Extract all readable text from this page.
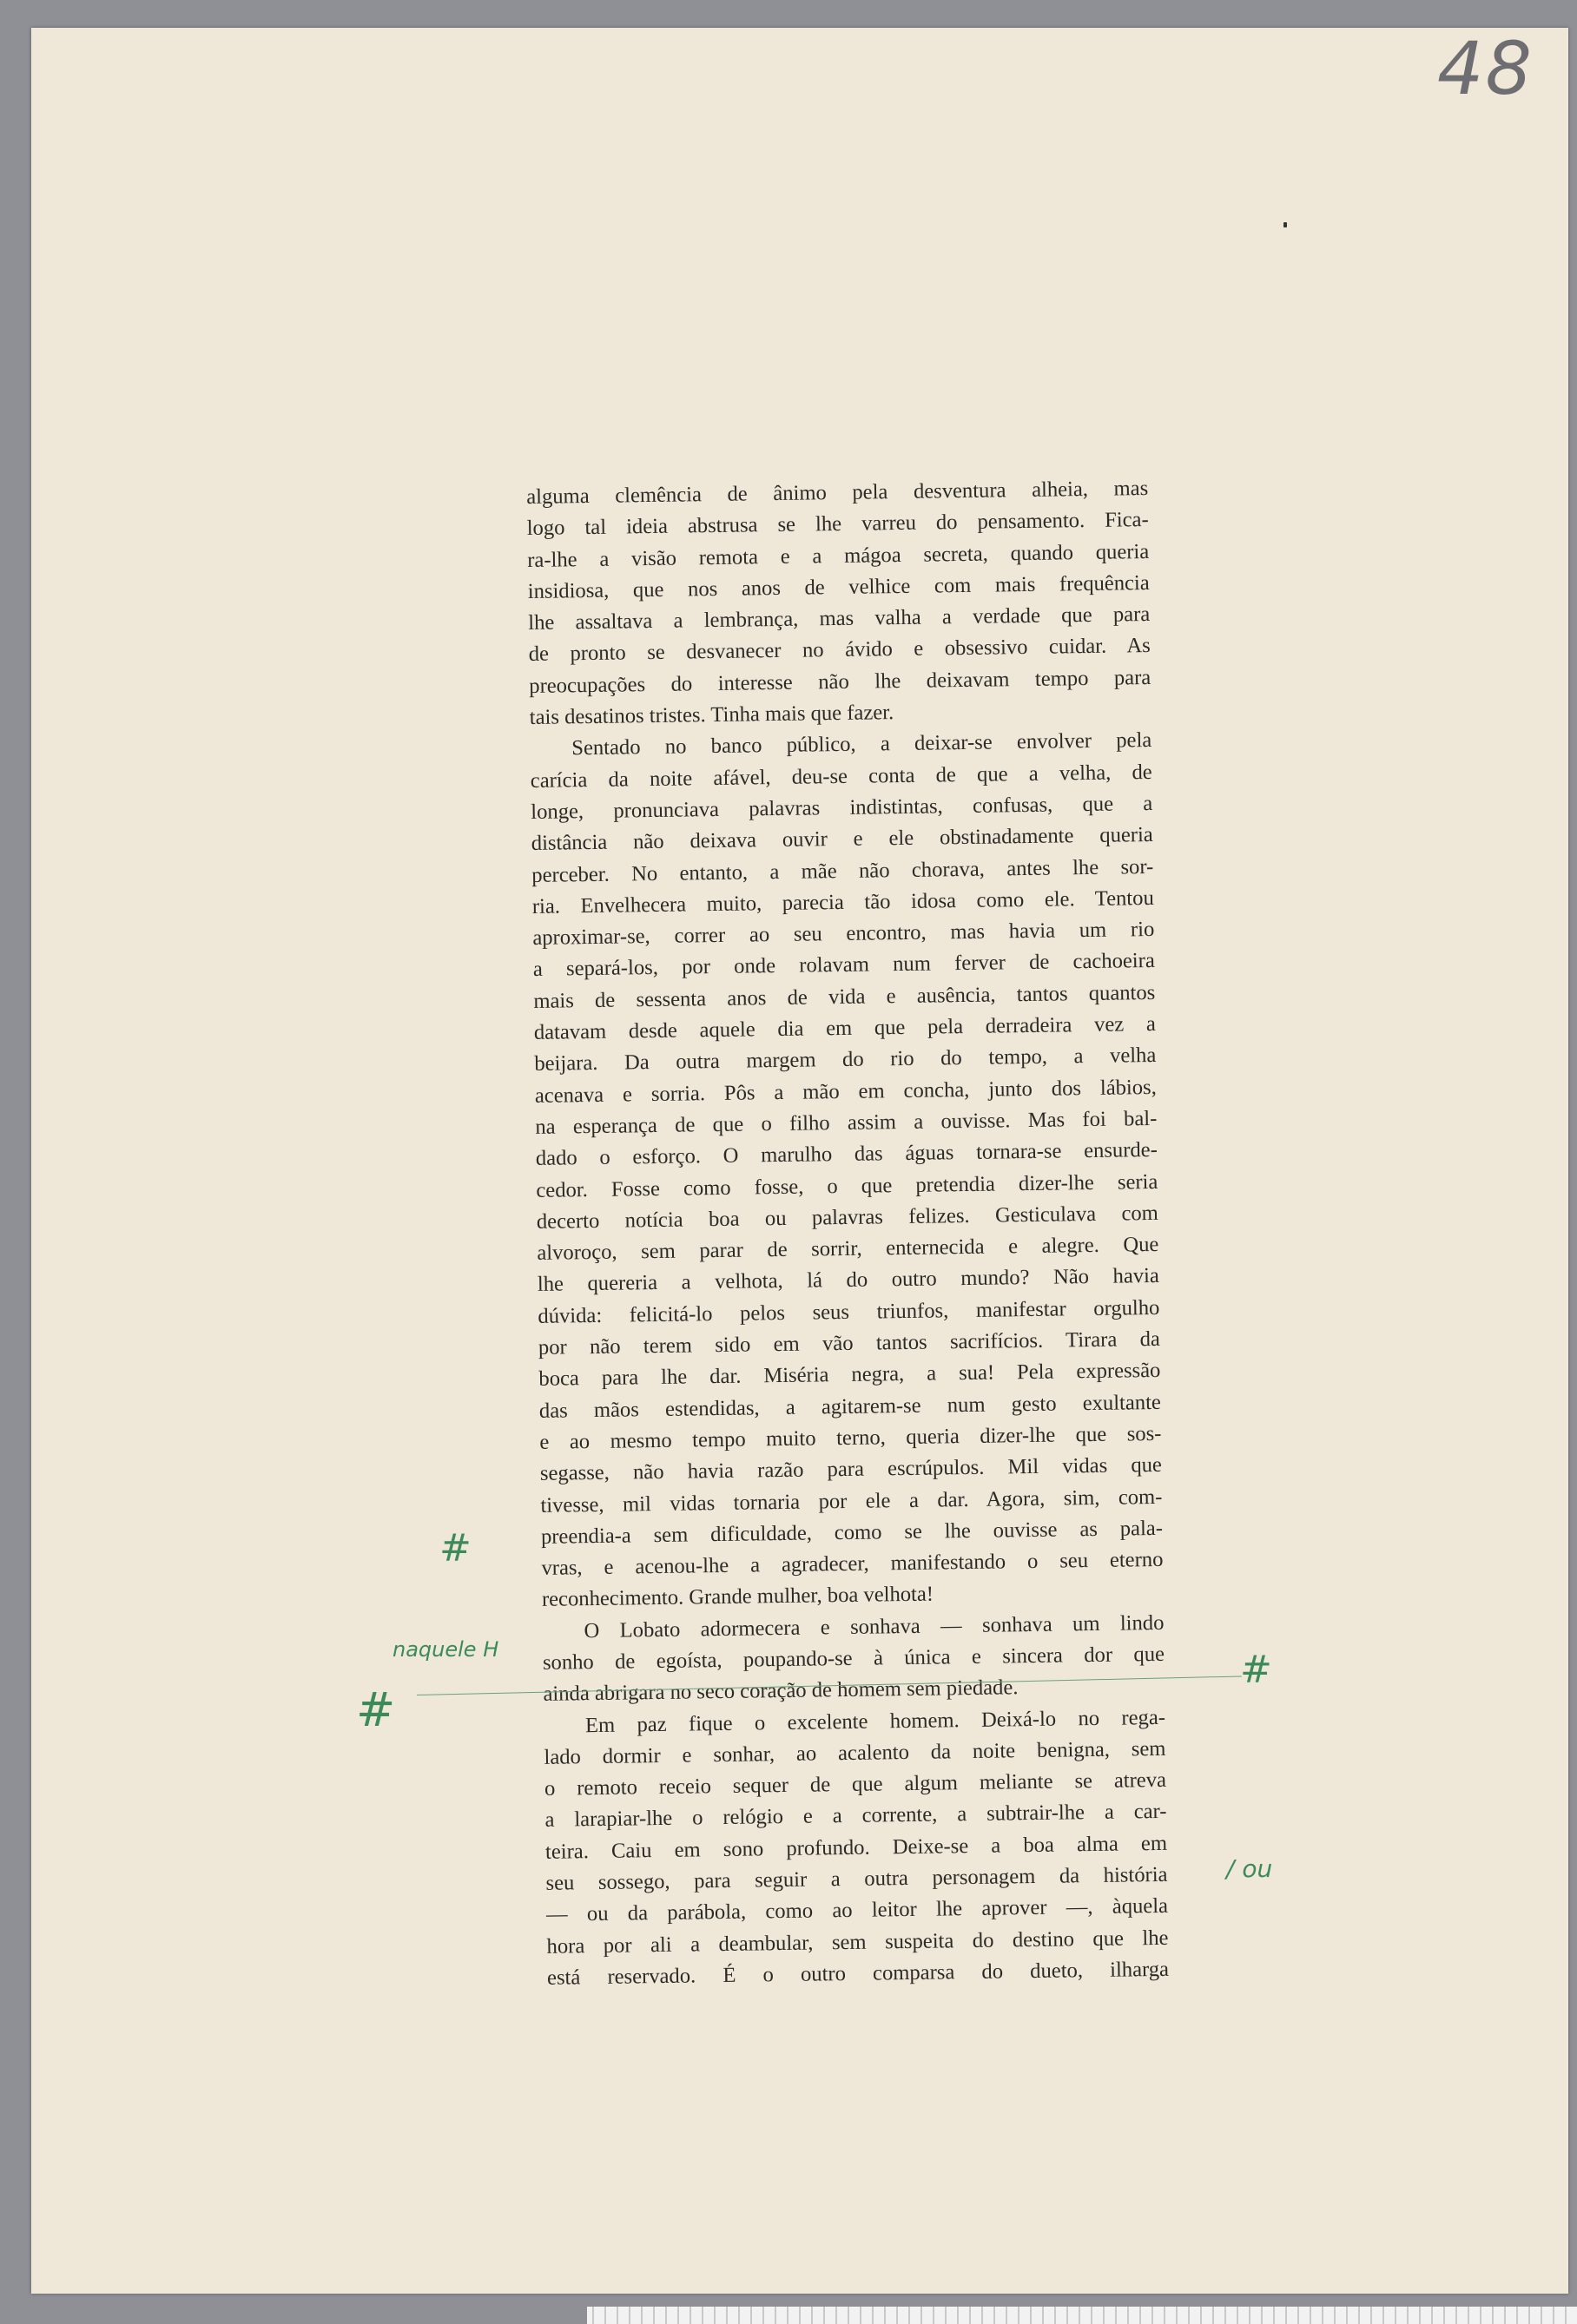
48
alguma clemência de ânimo pela desventura alheia, mas
logo tal ideia abstrusa se lhe varreu do pensamento. Fica-
ra-lhe a visão remota e a mágoa secreta, quando queria
insidiosa, que nos anos de velhice com mais frequência
lhe assaltava a lembrança, mas valha a verdade que para
de pronto se desvanecer no ávido e obsessivo cuidar. As
preocupações do interesse não lhe deixavam tempo para
tais desatinos tristes. Tinha mais que fazer.
Sentado no banco público, a deixar-se envolver pela
carícia da noite afável, deu-se conta de que a velha, de
longe, pronunciava palavras indistintas, confusas, que a
distância não deixava ouvir e ele obstinadamente queria
perceber. No entanto, a mãe não chorava, antes lhe sor-
ria. Envelhecera muito, parecia tão idosa como ele. Tentou
aproximar-se, correr ao seu encontro, mas havia um rio
a separá-los, por onde rolavam num ferver de cachoeira
mais de sessenta anos de vida e ausência, tantos quantos
datavam desde aquele dia em que pela derradeira vez a
beijara. Da outra margem do rio do tempo, a velha
acenava e sorria. Pôs a mão em concha, junto dos lábios,
na esperança de que o filho assim a ouvisse. Mas foi bal-
dado o esforço. O marulho das águas tornara-se ensurde-
cedor. Fosse como fosse, o que pretendia dizer-lhe seria
decerto notícia boa ou palavras felizes. Gesticulava com
alvoroço, sem parar de sorrir, enternecida e alegre. Que
lhe quereria a velhota, lá do outro mundo? Não havia
dúvida: felicitá-lo pelos seus triunfos, manifestar orgulho
por não terem sido em vão tantos sacrifícios. Tirara da
boca para lhe dar. Miséria negra, a sua! Pela expressão
das mãos estendidas, a agitarem-se num gesto exultante
e ao mesmo tempo muito terno, queria dizer-lhe que sos-
segasse, não havia razão para escrúpulos. Mil vidas que
tivesse, mil vidas tornaria por ele a dar. Agora, sim, com-
preendia-a sem dificuldade, como se lhe ouvisse as pala-
vras, e acenou-lhe a agradecer, manifestando o seu eterno
reconhecimento. Grande mulher, boa velhota!
O Lobato adormecera e sonhava — sonhava um lindo
sonho de egoísta, poupando-se à única e sincera dor que
ainda abrigara no seco coração de homem sem piedade.
Em paz fique o excelente homem. Deixá-lo no rega-
lado dormir e sonhar, ao acalento da noite benigna, sem
o remoto receio sequer de que algum meliante se atreva
a larapiar-lhe o relógio e a corrente, a subtrair-lhe a car-
teira. Caiu em sono profundo. Deixe-se a boa alma em
seu sossego, para seguir a outra personagem da história
— ou da parábola, como ao leitor lhe aprover —, àquela
hora por ali a deambular, sem suspeita do destino que lhe
está reservado. É o outro comparsa do dueto, ilharga
#
naquele H
#
#
/ ou
